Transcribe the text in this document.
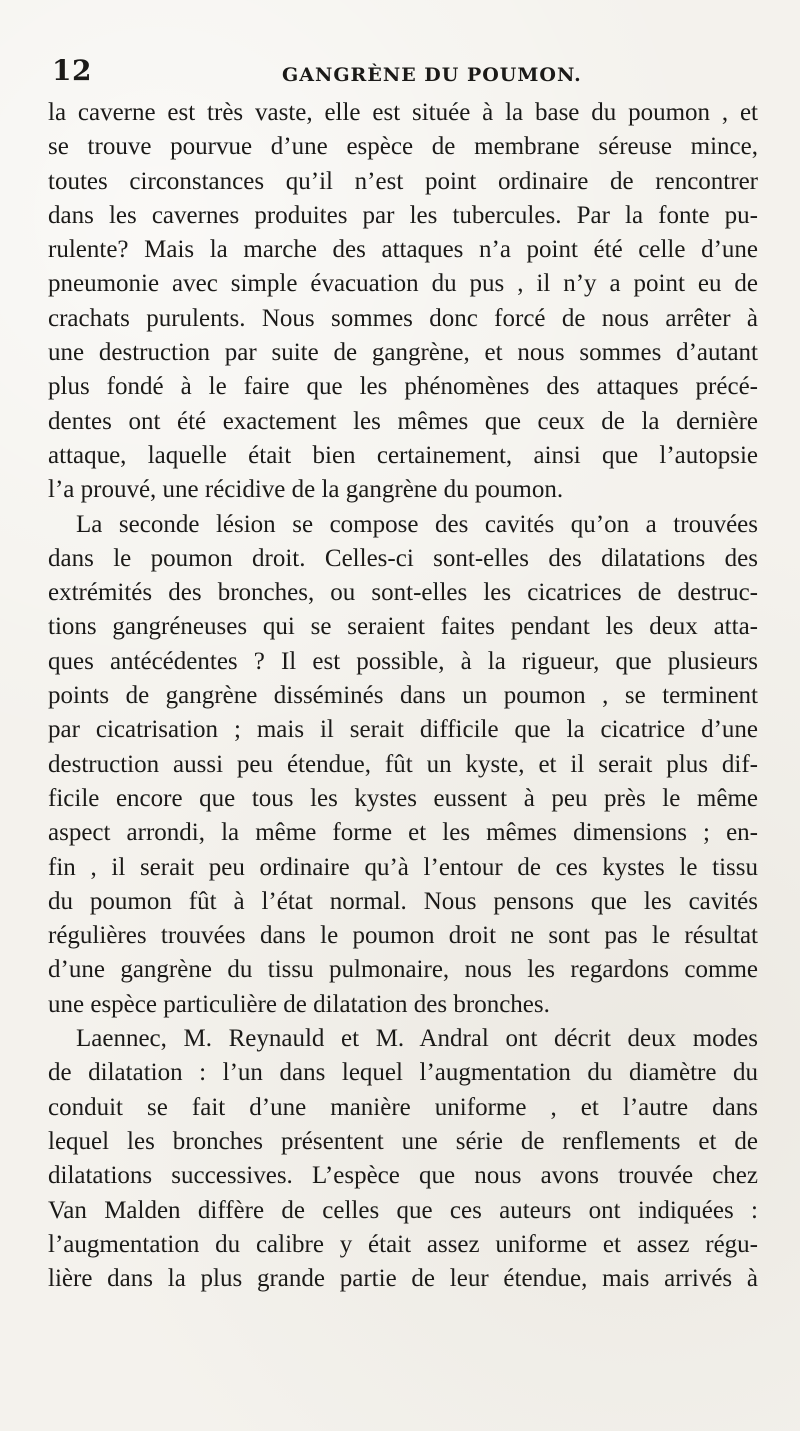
12	GANGRÈNE DU POUMON.
la caverne est très vaste, elle est située à la base du poumon , et
se trouve pourvue d’une espèce de membrane séreuse mince,
toutes circonstances qu’il n’est point ordinaire de rencontrer
dans les cavernes produites par les tubercules. Par la fonte pu-
rulente? Mais la marche des attaques n’a point été celle d’une
pneumonie avec simple évacuation du pus , il n’y a point eu de
crachats purulents. Nous sommes donc forcé de nous arrêter à
une destruction par suite de gangrène, et nous sommes d’autant
plus fondé à le faire que les phénomènes des attaques précé-
dentes ont été exactement les mêmes que ceux de la dernière
attaque, laquelle était bien certainement, ainsi que l’autopsie
l’a prouvé, une récidive de la gangrène du poumon.
La seconde lésion se compose des cavités qu’on a trouvées
dans le poumon droit. Celles-ci sont-elles des dilatations des
extrémités des bronches, ou sont-elles les cicatrices de destruc-
tions gangréneuses qui se seraient faites pendant les deux atta-
ques antécédentes ? Il est possible, à la rigueur, que plusieurs
points de gangrène disséminés dans un poumon , se terminent
par cicatrisation ; mais il serait difficile que la cicatrice d’une
destruction aussi peu étendue, fût un kyste, et il serait plus dif-
ficile encore que tous les kystes eussent à peu près le même
aspect arrondi, la même forme et les mêmes dimensions ; en-
fin , il serait peu ordinaire qu’à l’entour de ces kystes le tissu
du poumon fût à l’état normal. Nous pensons que les cavités
régulières trouvées dans le poumon droit ne sont pas le résultat
d’une gangrène du tissu pulmonaire, nous les regardons comme
une espèce particulière de dilatation des bronches.
Laennec, M. Reynauld et M. Andral ont décrit deux modes
de dilatation : l’un dans lequel l’augmentation du diamètre du
conduit se fait d’une manière uniforme , et l’autre dans
lequel les bronches présentent une série de renflements et de
dilatations successives. L’espèce que nous avons trouvée chez
Van Malden diffère de celles que ces auteurs ont indiquées :
l’augmentation du calibre y était assez uniforme et assez régu-
lière dans la plus grande partie de leur étendue, mais arrivés à
